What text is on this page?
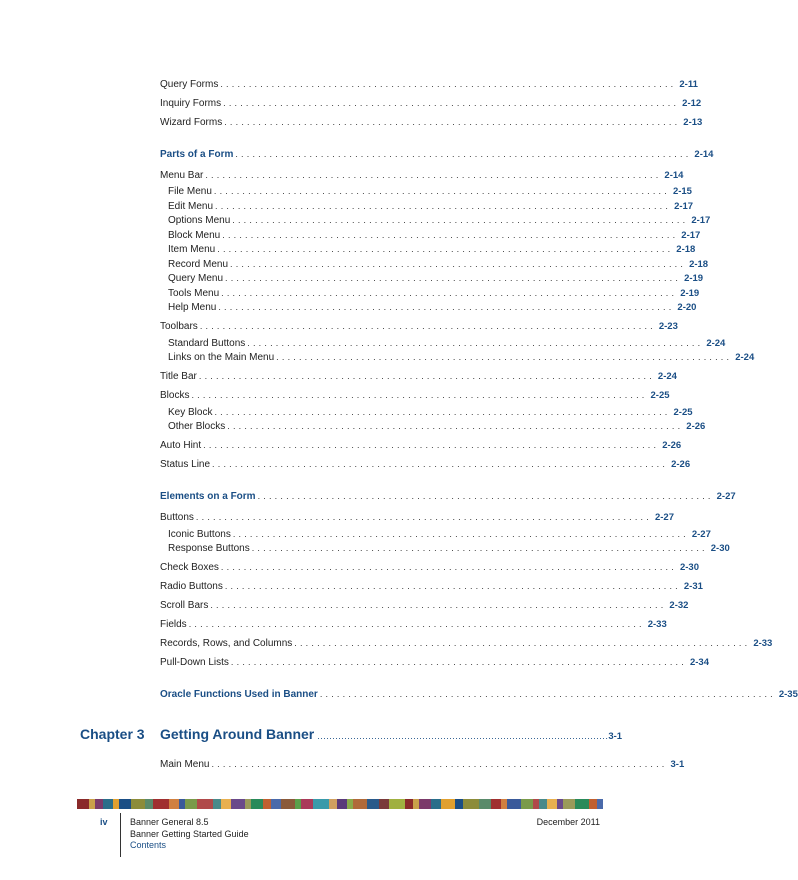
Query Forms ................................................................................ 2-11
Inquiry Forms ................................................................................ 2-12
Wizard Forms ................................................................................ 2-13
Parts of a Form ................................................................................ 2-14
Menu Bar ................................................................................ 2-14
File Menu ................................................................................ 2-15
Edit Menu ................................................................................ 2-17
Options Menu ................................................................................ 2-17
Block Menu ................................................................................ 2-17
Item Menu ................................................................................ 2-18
Record Menu ................................................................................ 2-18
Query Menu ................................................................................ 2-19
Tools Menu ................................................................................ 2-19
Help Menu ................................................................................ 2-20
Toolbars ................................................................................ 2-23
Standard Buttons ................................................................................ 2-24
Links on the Main Menu ................................................................................ 2-24
Title Bar ................................................................................ 2-24
Blocks ................................................................................ 2-25
Key Block ................................................................................ 2-25
Other Blocks ................................................................................ 2-26
Auto Hint ................................................................................ 2-26
Status Line ................................................................................ 2-26
Elements on a Form ................................................................................ 2-27
Buttons ................................................................................ 2-27
Iconic Buttons ................................................................................ 2-27
Response Buttons ................................................................................ 2-30
Check Boxes ................................................................................ 2-30
Radio Buttons ................................................................................ 2-31
Scroll Bars ................................................................................ 2-32
Fields ................................................................................ 2-33
Records, Rows, and Columns ................................................................................ 2-33
Pull-Down Lists ................................................................................ 2-34
Oracle Functions Used in Banner ................................................................................ 2-35
Chapter 3 Getting Around Banner ................................................................................................. 3-1
Main Menu ................................................................................ 3-1
iv Banner General 8.5
Banner Getting Started Guide
Contents
December 2011
